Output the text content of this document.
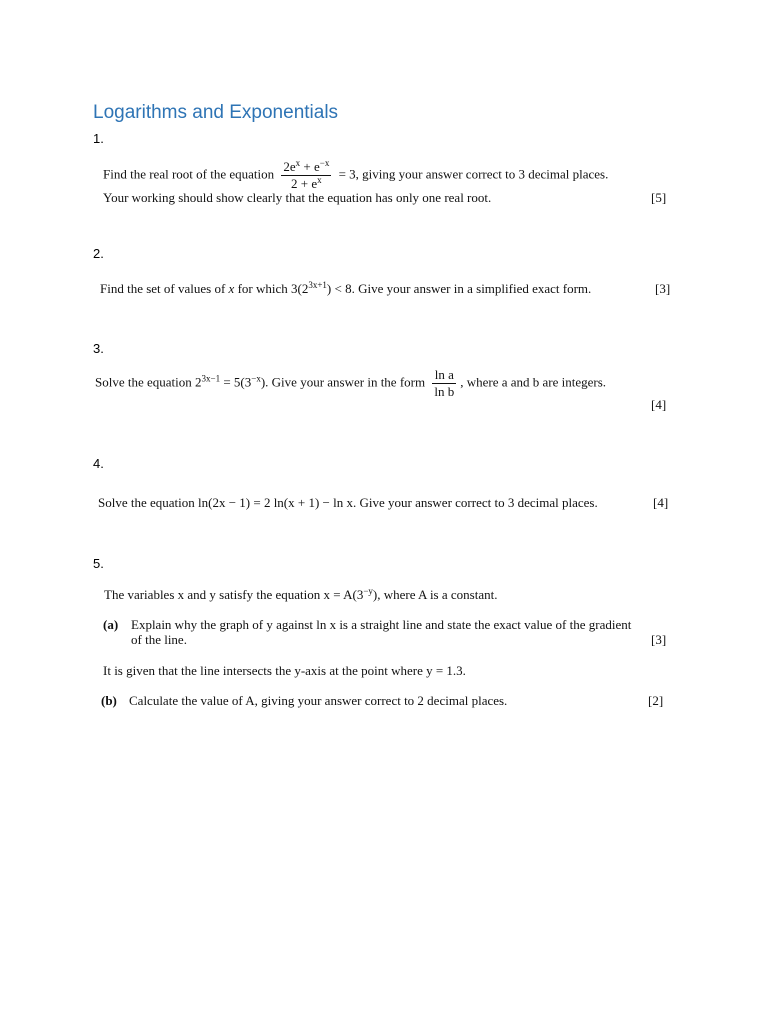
Logarithms and Exponentials
1.
Find the real root of the equation $\frac{2e^x + e^{-x}}{2 + e^x} = 3$, giving your answer correct to 3 decimal places.
Your working should show clearly that the equation has only one real root.	[5]
2.
Find the set of values of x for which $3(2^{3x+1}) < 8$. Give your answer in a simplified exact form.	[3]
3.
Solve the equation $2^{3x-1} = 5(3^{-x})$. Give your answer in the form $\frac{\text{ln a}}{\text{ln b}}$ , where a and b are integers.
[4]
4.
Solve the equation ln(2x − 1) = 2 ln(x + 1) − ln x. Give your answer correct to 3 decimal places.	[4]
5.
The variables x and y satisfy the equation $x = A(3^{-y})$, where A is a constant.
(a) Explain why the graph of y against ln x is a straight line and state the exact value of the gradient
of the line.	[3]
It is given that the line intersects the y-axis at the point where y = 1.3.
(b) Calculate the value of A, giving your answer correct to 2 decimal places.	[2]
